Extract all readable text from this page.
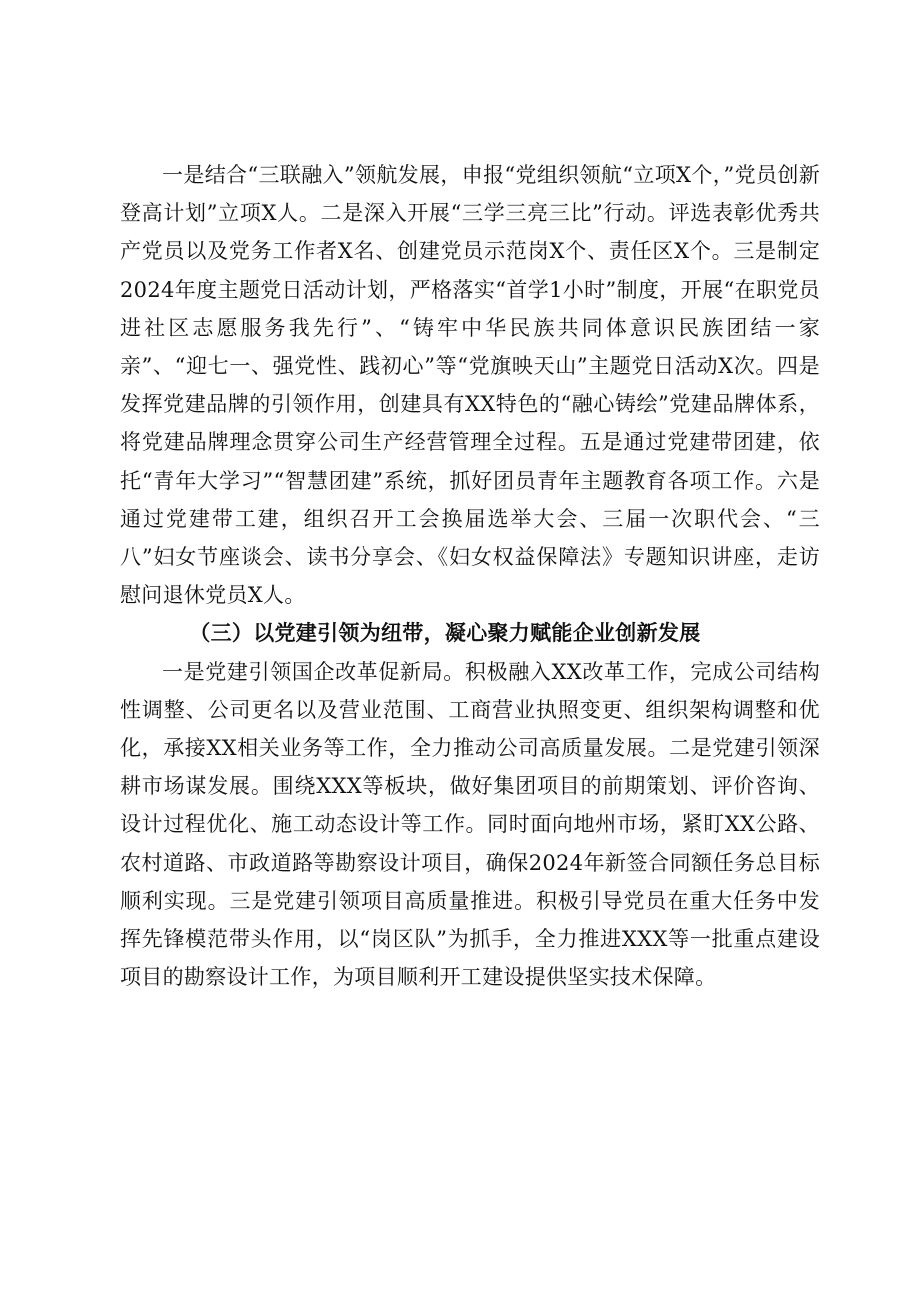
一是结合“三联融入”领航发展，申报“党组织领航“立项X个，”党员创新登高计划”立项X人。二是深入开展“三学三亮三比”行动。评选表彰优秀共产党员以及党务工作者X名、创建党员示范岗X个、责任区X个。三是制定2024年度主题党日活动计划，严格落实“首学1小时”制度，开展“在职党员进社区志愿服务我先行”、“铸牢中华民族共同体意识民族团结一家亲”、“迎七一、强党性、践初心”等“党旗映天山”主题党日活动X次。四是发挥党建品牌的引领作用，创建具有XX特色的“融心铸绘”党建品牌体系，将党建品牌理念贯穿公司生产经营管理全过程。五是通过党建带团建，依托“青年大学习”“智慧团建”系统，抓好团员青年主题教育各项工作。六是通过党建带工建，组织召开工会换届选举大会、三届一次职代会、“三八”妇女节座谈会、读书分享会、《妇女权益保障法》专题知识讲座，走访慰问退休党员X人。

（三）以党建引领为纽带，凝心聚力赋能企业创新发展

一是党建引领国企改革促新局。积极融入XX改革工作，完成公司结构性调整、公司更名以及营业范围、工商营业执照变更、组织架构调整和优化，承接XX相关业务等工作，全力推动公司高质量发展。二是党建引领深耕市场谋发展。围绕XXX等板块，做好集团项目的前期策划、评价咨询、设计过程优化、施工动态设计等工作。同时面向地州市场，紧盯XX公路、农村道路、市政道路等勘察设计项目，确保2024年新签合同额任务总目标顺利实现。三是党建引领项目高质量推进。积极引导党员在重大任务中发挥先锋模范带头作用，以“岗区队”为抓手，全力推进XXX等一批重点建设项目的勘察设计工作，为项目顺利开工建设提供坚实技术保障。
